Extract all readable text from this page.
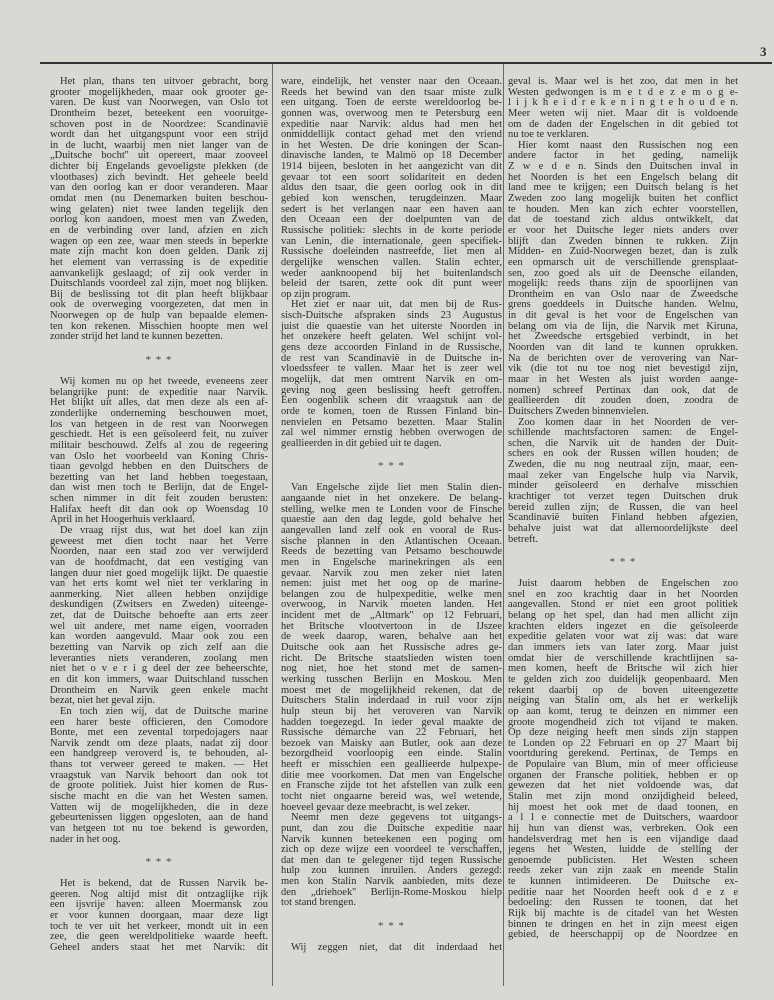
3
Het plan, thans ten uitvoer gebracht, borg
grooter mogelijkheden, maar ook grooter ge-
varen. De kust van Noorwegen, van Oslo tot
Drontheim bezet, beteekent een vooruitge-
schoven post in de Noordzee: Scandinavië
wordt dan het uitgangspunt voor een strijd
in de lucht, waarbij men niet langer van de
„Duitsche bocht'' uit opereert, maar zooveel
dichter bij Engelands gevoeligste plekken (de
vlootbases) zich bevindt. Het geheele beeld
van den oorlog kan er door veranderen. Maar
omdat men (nu Denemarken buiten beschou-
wing gelaten) niet twee landen tegelijk den
oorlog kon aandoen, moest men van Zweden,
en de verbinding over land, afzien en zich
wagen op een zee, waar men steeds in beperkte
mate zijn macht kon doen gelden. Dank zij
het element van verrassing is de expeditie
aanvankelijk geslaagd; of zij ook verder in
Duitschlands voordeel zal zijn, moet nog blijken.
Bij de beslissing tot dit plan heeft blijkbaar
ook de overweging voorgezeten, dat men in
Noorwegen op de hulp van bepaalde elemen-
ten kon rekenen. Misschien hoopte men wel
zonder strijd het land te kunnen bezetten.
* * *
Wij komen nu op het tweede, eveneens zeer
belangrijke punt: de expeditie naar Narvik.
Het blijkt uit alles, dat men deze als een af-
zonderlijke onderneming beschouwen moet,
los van hetgeen in de rest van Noorwegen
geschiedt. Het is een geïsoleerd feit, nu zuiver
militair beschouwd. Zelfs al zou de regeering
van Oslo het voorbeeld van Koning Chris-
tiaan gevolgd hebben en den Duitschers de
bezetting van het land hebben toegestaan,
dan wist men toch te Berlijn, dat de Engel-
schen nimmer in dit feit zouden berusten:
Halifax heeft dit dan ook op Woensdag 10
April in het Hoogerhuis verklaard.
De vraag rijst dus, wat het doel kan zijn
geweest met dien tocht naar het Verre
Noorden, naar een stad zoo ver verwijderd
van de hoofdmacht, dat een vestiging van
langen duur niet goed mogelijk lijkt. De quaestie
van het erts komt wel niet ter verklaring in
aanmerking. Niet alleen hebben onzijdige
deskundigen (Zwitsers en Zweden) uiteenge-
zet, dat de Duitsche behoefte aan erts zeer
wel uit andere, met name eigen, voorraden
kan worden aangevuld. Maar ook zou een
bezetting van Narvik op zich zelf aan die
leveranties niets veranderen, zoolang men
niet het o v e r i g deel der zee beheerschte,
en dit kon immers, waar Duitschland tusschen
Drontheim en Narvik geen enkele macht
bezat, niet het geval zijn.
En toch zien wij, dat de Duitsche marine
een harer beste officieren, den Comodore
Bonte, met een zevental torpedojagers naar
Narvik zendt om deze plaats, nadat zij door
een handgreep veroverd is, te behouden, al-
thans tot verweer gereed te maken. — Het
vraagstuk van Narvik behoort dan ook tot
de groote politiek. Juist hier komen de Rus-
sische macht en die van het Westen samen.
Vatten wij de mogelijkheden, die in deze
gebeurtenissen liggen opgesloten, aan de hand
van hetgeen tot nu toe bekend is geworden,
nader in het oog.
* * *
Het is bekend, dat de Russen Narvik be-
geeren. Nog altijd mist dit ontzaglijke rijk
een ijsvrije haven: alleen Moermansk zou
er voor kunnen doorgaan, maar deze ligt
toch te ver uit het verkeer, mondt uit in een
zee, die geen wereldpolitieke waarde heeft.
Geheel anders staat het met Narvik: dit
ware, eindelijk, het venster naar den Oceaan.
Reeds het bewind van den tsaar miste zulk
een uitgang. Toen de eerste wereldoorlog be-
gonnen was, overwoog men te Petersburg een
expeditie naar Narvik: aldus had men het
onmiddellijk contact gehad met den vriend
in het Westen. De drie koningen der Scan-
dinavische landen, te Malmö op 18 December
1914 bijeen, besloten in het aangezicht van dit
gevaar tot een soort solidariteit en deden
aldus den tsaar, die geen oorlog ook in dit
gebied kon wenschen, terugdeinzen. Maar
sedert is het verlangen naar een haven aan
den Oceaan een der doelpunten van de
Russische politiek: slechts in de korte periode
van Lenin, die internationale, geen specifiek-
Russische doeleinden nastreefde, liet men al
dergelijke wenschen vallen. Stalin echter,
weder aanknoopend bij het buitenlandsch
beleid der tsaren, zette ook dit punt weer
op zijn program.
Het ziet er naar uit, dat men bij de Rus-
sisch-Duitsche afspraken sinds 23 Augustus
juist die quaestie van het uiterste Noorden in
het onzekere heeft gelaten. Wel schijnt vol-
gens deze accoorden Finland in de Russische,
de rest van Scandinavië in de Duitsche in-
vloedssfeer te vallen. Maar het is zeer wel
mogelijk, dat men omtrent Narvik en om-
geving nog geen beslissing heeft getroffen.
Een oogenblik scheen dit vraagstuk aan de
orde te komen, toen de Russen Finland bin-
nenvielen en Petsamo bezetten. Maar Stalin
zal wel nimmer ernstig hebben overwogen de
geallieerden in dit gebied uit te dagen.
* * *
Van Engelsche zijde liet men Stalin dien-
aangaande niet in het onzekere. De belang-
stelling, welke men te Londen voor de Finsche
quaestie aan den dag legde, gold behalve het
aangevallen land zelf ook en vooral de Rus-
sische plannen in den Atlantischen Oceaan.
Reeds de bezetting van Petsamo beschouwde
men in Engelsche marinekringen als een
gevaar. Narvik zou men zeker niet laten
nemen: juist met het oog op de marine-
belangen zou de hulpexpeditie, welke men
overwoog, in Narvik moeten landen. Het
incident met de „Altmark'' op 12 Februari,
het Britsche vlootvertoon in de IJszee
de week daarop, waren, behalve aan het
Duitsche ook aan het Russische adres ge-
richt. De Britsche staatslieden wisten toen
nog niet, hoe het stond met de samen-
werking tusschen Berlijn en Moskou. Men
moest met de mogelijkheid rekenen, dat de
Duitschers Stalin inderdaad in ruil voor zijn
hulp steun bij het veroveren van Narvik
hadden toegezegd. In ieder geval maakte de
Russische démarche van 22 Februari, het
bezoek van Maisky aan Butler, ook aan deze
bezorgdheid voorloopig een einde. Stalin
heeft er misschien een geallieerde hulpexpe-
ditie mee voorkomen. Dat men van Engelsche
en Fransche zijde tot het afstellen van zulk een
tocht niet ongaarne bereid was, wel wetende,
hoeveel gevaar deze meebracht, is wel zeker.
Neemt men deze gegevens tot uitgangs-
punt, dan zou die Duitsche expeditie naar
Narvik kunnen beteekenen een poging om
zich op deze wijze een voordeel te verschaffen,
dat men dan te gelegener tijd tegen Russische
hulp zou kunnen inruilen. Anders gezegd:
men kon Stalin Narvik aanbieden, mits deze
den „driehoek'' Berlijn-Rome-Moskou hielp
tot stand brengen.
* * *
Wij zeggen niet, dat dit inderdaad het
geval is. Maar wel is het zoo, dat men in het
Westen gedwongen is m e t d e z e m o g e-
l i j k h e i d r e k e n i n g t e h o u d e n.
Meer weten wij niet. Maar dit is voldoende
om de daden der Engelschen in dit gebied tot
nu toe te verklaren.
Hier komt naast den Russischen nog een
andere factor in het geding, namelijk
Z w e d e n. Sinds den Duitschen inval in
het Noorden is het een Engelsch belang dit
land mee te krijgen; een Duitsch belang is het
Zweden zoo lang mogelijk buiten het conflict
te houden. Men kan zich echter voorstellen,
dat de toestand zich aldus ontwikkelt, dat
er voor het Duitsche leger niets anders over
blijft dan Zweden binnen te rukken. Zijn
Midden- en Zuid-Noorwegen bezet, dan is zulk
een opmarsch uit de verschillende grensplaat-
sen, zoo goed als uit de Deensche eilanden,
mogelijk: reeds thans zijn de spoorlijnen van
Drontheim en van Oslo naar de Zweedsche
grens goeddeels in Duitsche handen. Welnu,
in dit geval is het voor de Engelschen van
belang om via de lijn, die Narvik met Kiruna,
het Zweedsche ertsgebied verbindt, in het
Noorden van dit land te kunnen oprukken.
Na de berichten over de verovering van Nar-
vik (die tot nu toe nog niet bevestigd zijn,
maar in het Westen als juist worden aange-
nomen) schreef Pertinax dan ook, dat de
geallieerden dit zouden doen, zoodra de
Duitschers Zweden binnenvielen.
Zoo komen daar in het Noorden de ver-
schillende machtsfactoren samen: de Engel-
schen, die Narvik uit de handen der Duit-
schers en ook der Russen willen houden; de
Zweden, die nu nog neutraal zijn, maar, een-
maal zeker van Engelsche hulp via Narvik,
minder geïsoleerd en derhalve misschien
krachtiger tot verzet tegen Duitschen druk
bereid zullen zijn; de Russen, die van heel
Scandinavië buiten Finland hebben afgezien,
behalve juist wat dat allernoordelijkste deel
betreft.
* * *
Juist daarom hebben de Engelschen zoo
snel en zoo krachtig daar in het Noorden
aangevallen. Stond er niet een groot politiek
belang op het spel, dan had men allicht zijn
krachten elders ingezet en die geïsoleerde
expeditie gelaten voor wat zij was: dat ware
dan immers iets van later zorg. Maar juist
omdat hier de verschillende krachtlijnen sa-
men komen, heeft de Britsche wil zich hier
te gelden zich zoo duidelijk geopenbaard. Men
rekent daarbij op de boven uiteengezette
neiging van Stalin om, als het er werkelijk
op aan komt, terug te deinzen en nimmer een
groote mogendheid zich tot vijand te maken.
Op deze neiging heeft men sinds zijn stappen
te Londen op 22 Februari en op 27 Maart bij
voortduring gerekend. Pertinax, de Temps en
de Populaire van Blum, min of meer officieuse
organen der Fransche politiek, hebben er op
gewezen dat het niet voldoende was, dat
Stalin met zijn mond onzijdigheid beleed,
hij moest het ook met de daad toonen, en
a l l e connectie met de Duitschers, waardoor
hij hun van dienst was, verbreken. Ook een
handelsverdrag met hen is een vijandige daad
jegens het Westen, luidde de stelling der
genoemde publicisten. Het Westen scheen
reeds zeker van zijn zaak en meende Stalin
te kunnen intimideeren. De Duitsche ex-
peditie naar het Noorden heeft ook d e z e
bedoeling: den Russen te toonen, dat het
Rijk bij machte is de citadel van het Westen
binnen te dringen en het in zijn meest eigen
gebied, de heerschappij op de Noordzee en
